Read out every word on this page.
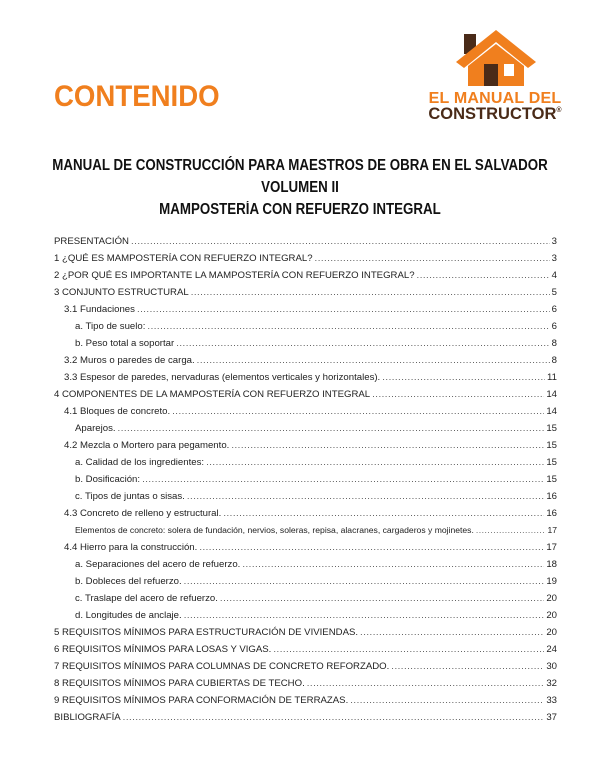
CONTENIDO	EL MANUAL DEL
CONSTRUCTOR®
MANUAL DE CONSTRUCCIÓN PARA MAESTROS DE OBRA EN EL SALVADOR
VOLUMEN II
MAMPOSTERÍA CON REFUERZO INTEGRAL
PRESENTACIÓN .....	3
1 ¿QUÉ ES MAMPOSTERÍA CON REFUERZO INTEGRAL? .....	3
2 ¿POR QUÉ ES IMPORTANTE LA MAMPOSTERÍA CON REFUERZO INTEGRAL? .....	4
3 CONJUNTO ESTRUCTURAL .....	5
3.1 Fundaciones .....	6
a. Tipo de suelo: .....	6
b. Peso total a soportar .....	8
3.2 Muros o paredes de carga. .....	8
3.3 Espesor de paredes, nervaduras (elementos verticales y horizontales). .....	11
4 COMPONENTES DE LA MAMPOSTERÍA CON REFUERZO INTEGRAL .....	14
4.1 Bloques de concreto. .....	14
Aparejos. .....	15
4.2 Mezcla o Mortero para pegamento. .....	15
a. Calidad de los ingredientes: .....	15
b. Dosificación: .....	15
c. Tipos de juntas o sisas. .....	16
4.3 Concreto de relleno y estructural. .....	16
Elementos de concreto: solera de fundación, nervios, soleras, repisa, alacranes, cargaderos y mojinetes. .....	17
4.4 Hierro para la construcción. .....	17
a. Separaciones del acero de refuerzo. .....	18
b. Dobleces del refuerzo. .....	19
c. Traslape del acero de refuerzo. .....	20
d. Longitudes de anclaje. .....	20
5 REQUISITOS MÍNIMOS PARA ESTRUCTURACIÓN DE VIVIENDAS. .....	20
6 REQUISITOS MÍNIMOS PARA LOSAS Y VIGAS. .....	24
7 REQUISITOS MÍNIMOS PARA COLUMNAS DE CONCRETO REFORZADO. .....	30
8 REQUISITOS MÍNIMOS PARA CUBIERTAS DE TECHO. .....	32
9 REQUISITOS MÍNIMOS PARA CONFORMACIÓN DE TERRAZAS. .....	33
BIBLIOGRAFÍA .....	37
